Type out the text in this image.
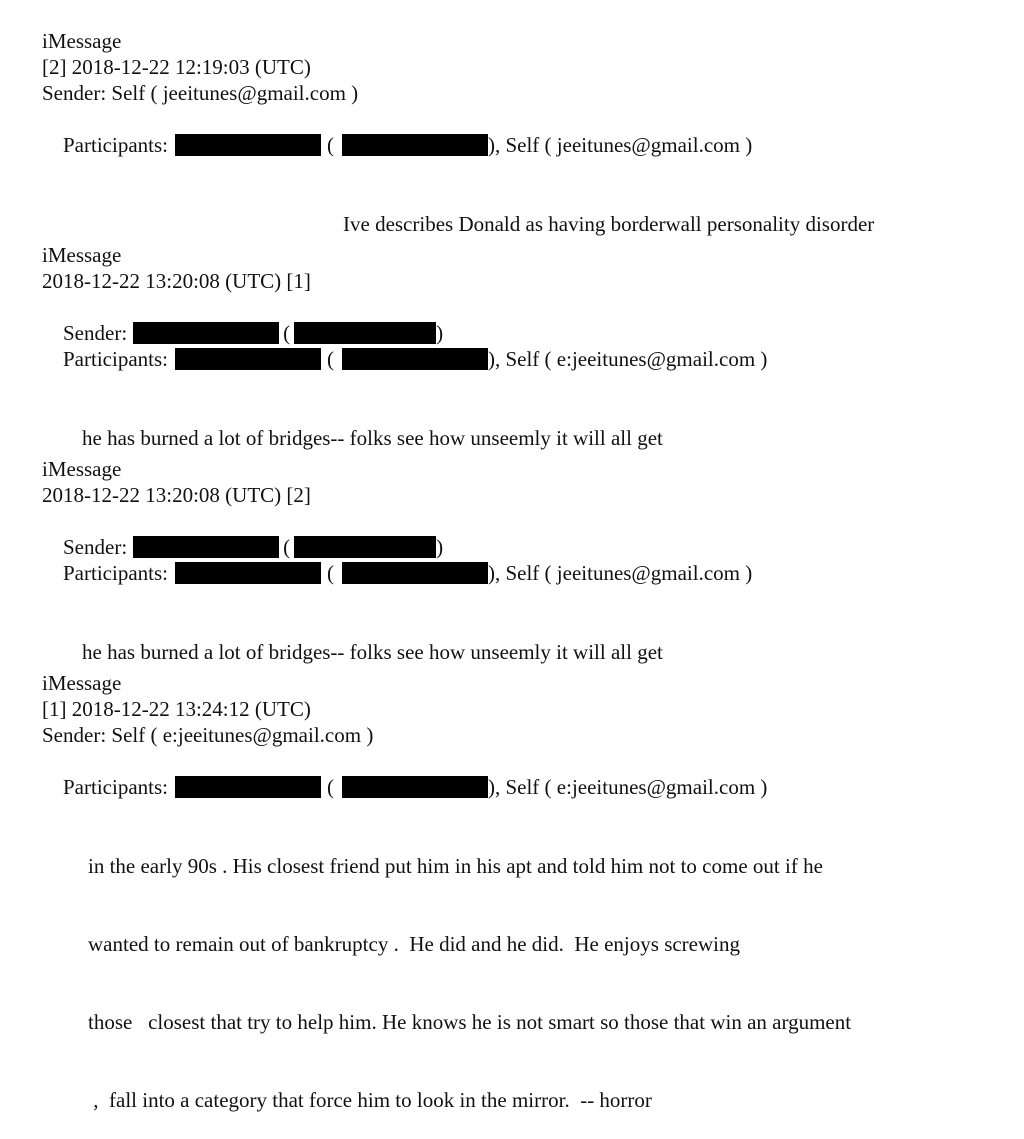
iMessage
[2] 2018-12-22 12:19:03 (UTC)
Sender: Self ( jeeitunes@gmail.com )

Participants:	(	), Self ( jeeitunes@gmail.com )

Ive describes Donald as having borderwall personality disorder

iMessage
2018-12-22 13:20:08 (UTC) [1]

Sender:	(	)

Participants:	(	), Self ( e:jeeitunes@gmail.com )

he has burned a lot of bridges-- folks see how unseemly it will all get

iMessage
2018-12-22 13:20:08 (UTC) [2]

Sender:	(	)

Participants:	(	), Self ( jeeitunes@gmail.com )

he has burned a lot of bridges-- folks see how unseemly it will all get

iMessage
[1] 2018-12-22 13:24:12 (UTC)
Sender: Self ( e:jeeitunes@gmail.com )

Participants:	(	), Self ( e:jeeitunes@gmail.com )

in the early 90s . His closest friend put him in his apt and told him not to come out if he

wanted to remain out of bankruptcy .  He did and he did.  He enjoys screwing

those   closest that try to help him. He knows he is not smart so those that win an argument

,  fall into a category that force him to look in the mirror.  -- horror
